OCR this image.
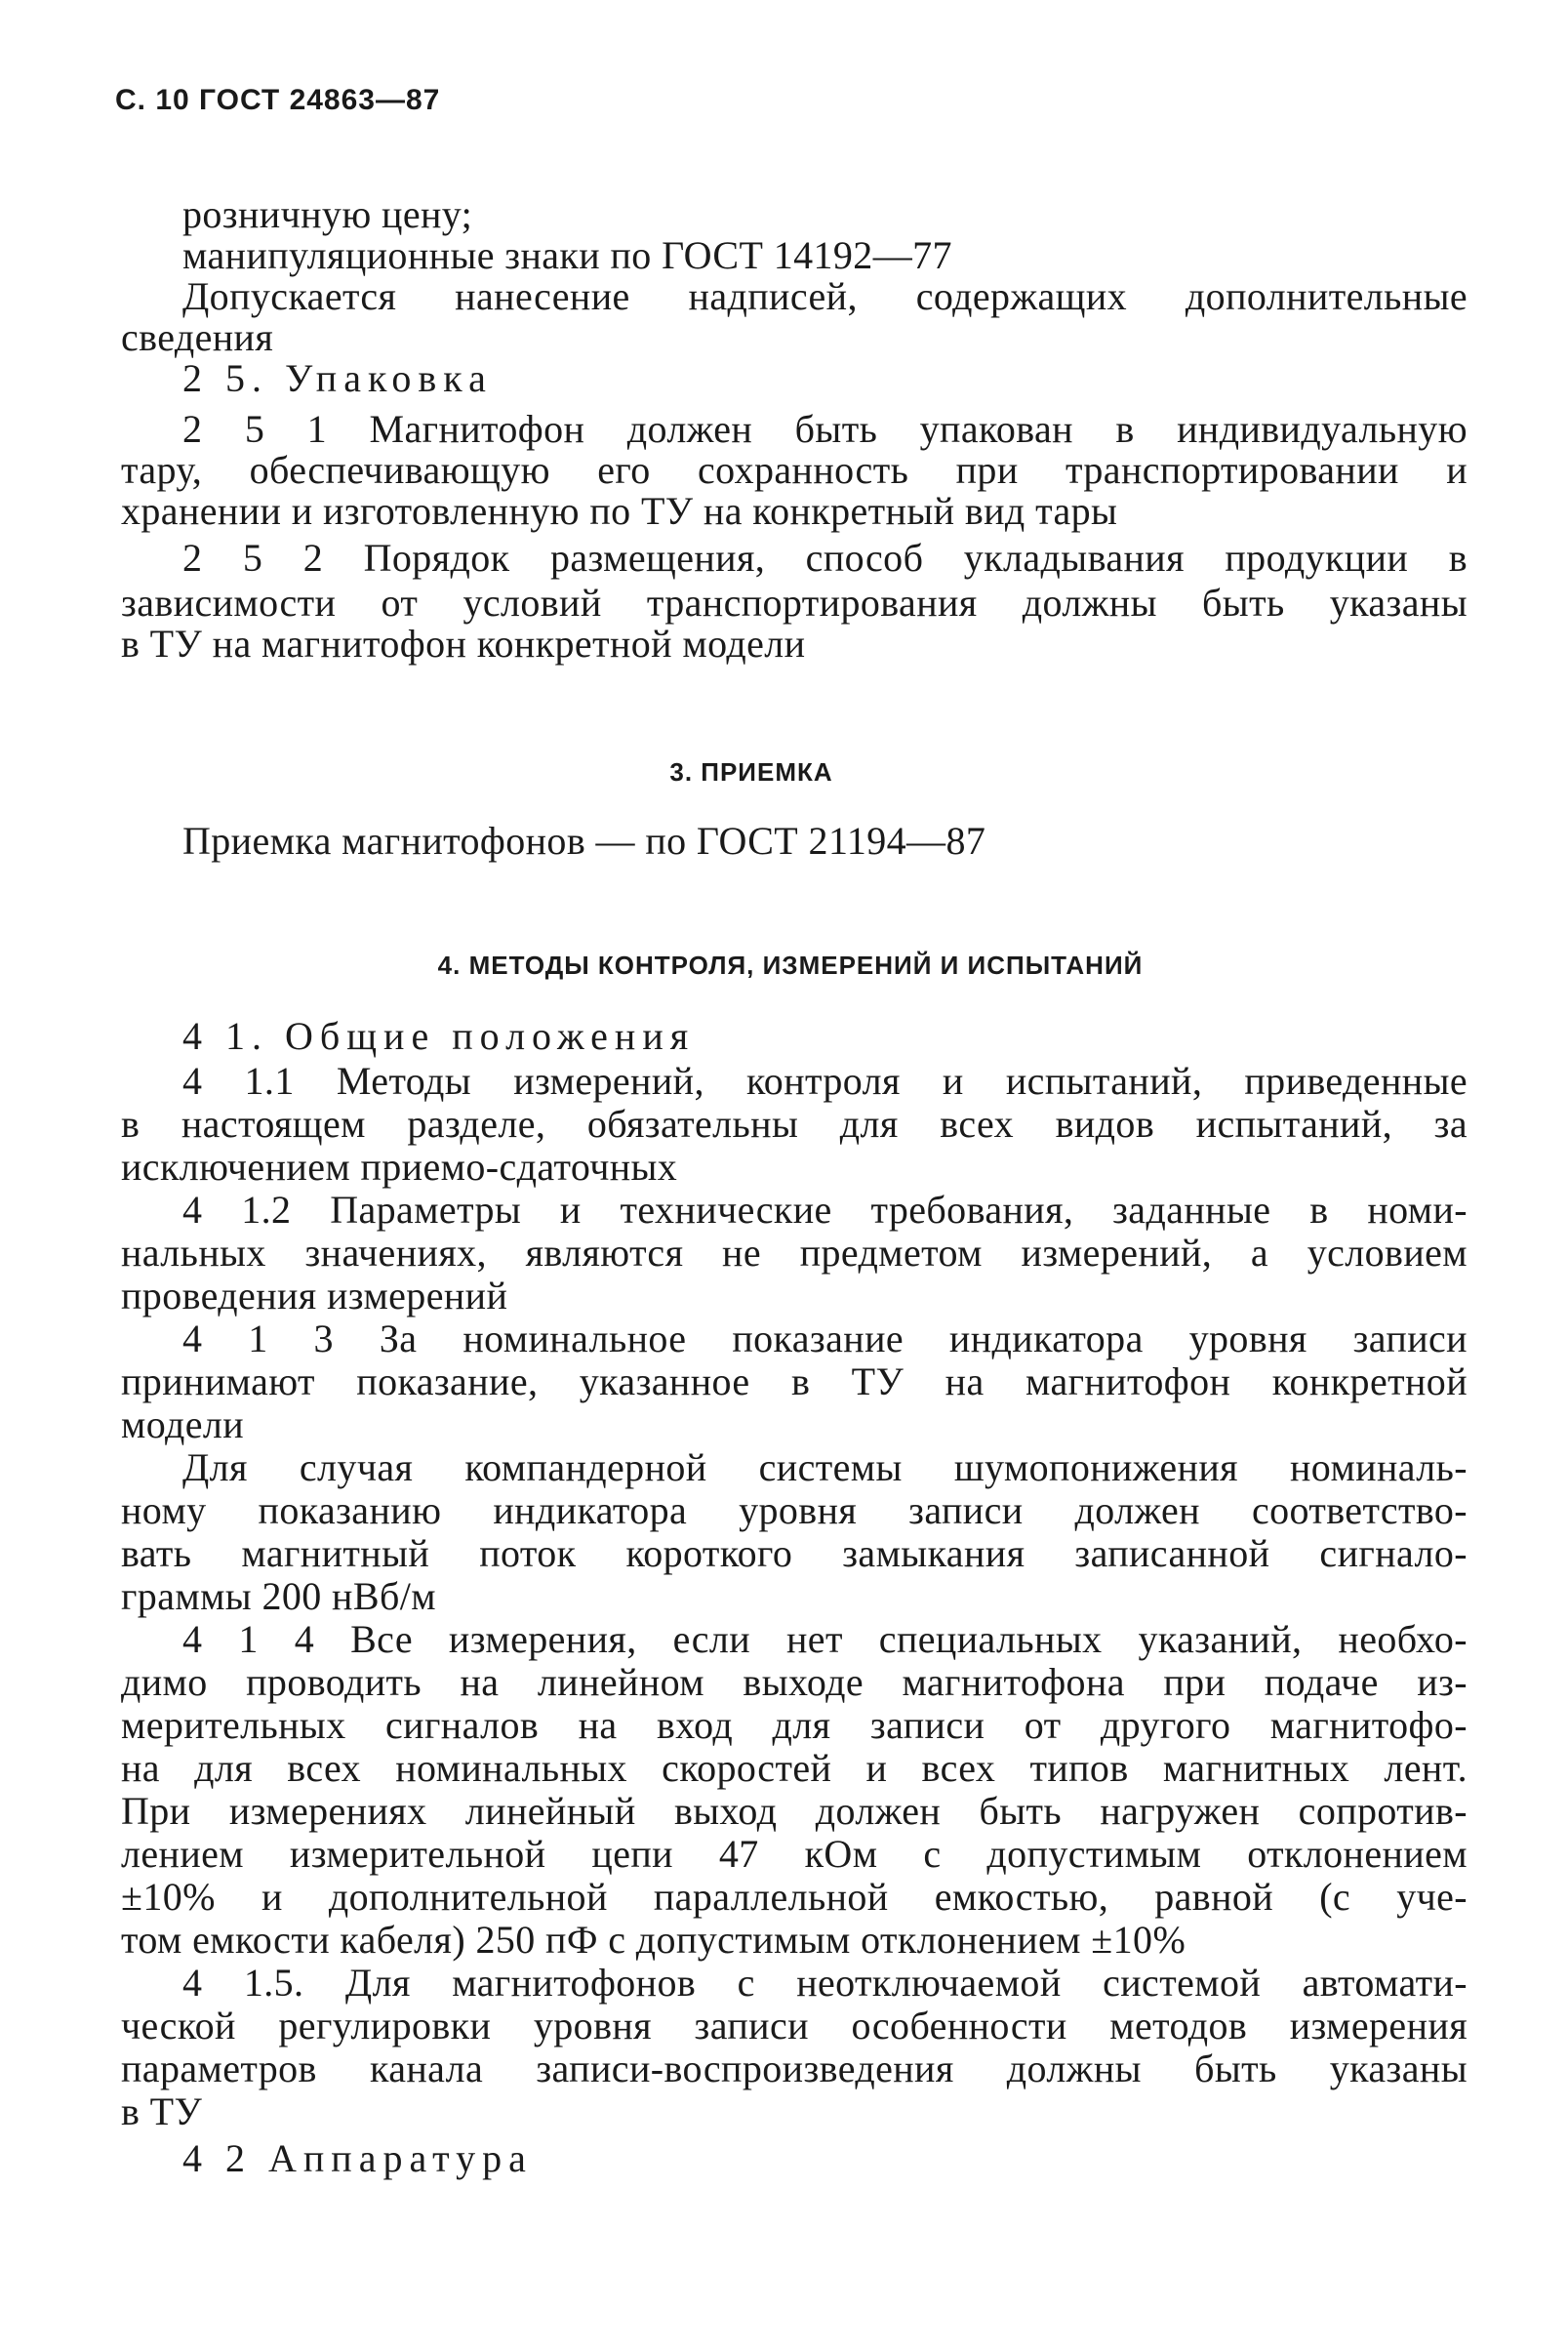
С. 10 ГОСТ 24863—87
розничную цену;
манипуляционные знаки по ГОСТ 14192—77
Допускается нанесение надписей, содержащих дополнительные
сведения
2 5. Упаковка
2 5 1 Магнитофон должен быть упакован в индивидуальную
тару, обеспечивающую его сохранность при транспортировании и
хранении и изготовленную по ТУ на конкретный вид тары
2 5 2 Порядок размещения, способ укладывания продукции в
зависимости от условий транспортирования должны быть указаны
в ТУ на магнитофон конкретной модели
3. ПРИЕМКА
Приемка магнитофонов — по ГОСТ 21194—87
4. МЕТОДЫ КОНТРОЛЯ, ИЗМЕРЕНИЙ И ИСПЫТАНИЙ
4 1. Общие положения
4 1.1 Методы измерений, контроля и испытаний, приведенные
в настоящем разделе, обязательны для всех видов испытаний, за
исключением приемо-сдаточных
4 1.2 Параметры и технические требования, заданные в номи-
нальных значениях, являются не предметом измерений, а условием
проведения измерений
4 1 3 За номинальное показание индикатора уровня записи
принимают показание, указанное в ТУ на магнитофон конкретной
модели
Для случая компандерной системы шумопонижения номиналь-
ному показанию индикатора уровня записи должен соответство-
вать магнитный поток короткого замыкания записанной сигнало-
граммы 200 нВб/м
4 1 4 Все измерения, если нет специальных указаний, необхо-
димо проводить на линейном выходе магнитофона при подаче из-
мерительных сигналов на вход для записи от другого магнитофо-
на для всех номинальных скоростей и всех типов магнитных лент.
При измерениях линейный выход должен быть нагружен сопротив-
лением измерительной цепи 47 кОм с допустимым отклонением
±10% и дополнительной параллельной емкостью, равной (с уче-
том емкости кабеля) 250 пФ с допустимым отклонением ±10%
4 1.5. Для магнитофонов с неотключаемой системой автомати-
ческой регулировки уровня записи особенности методов измерения
параметров канала записи-воспроизведения должны быть указаны
в ТУ
4 2 Аппаратура
